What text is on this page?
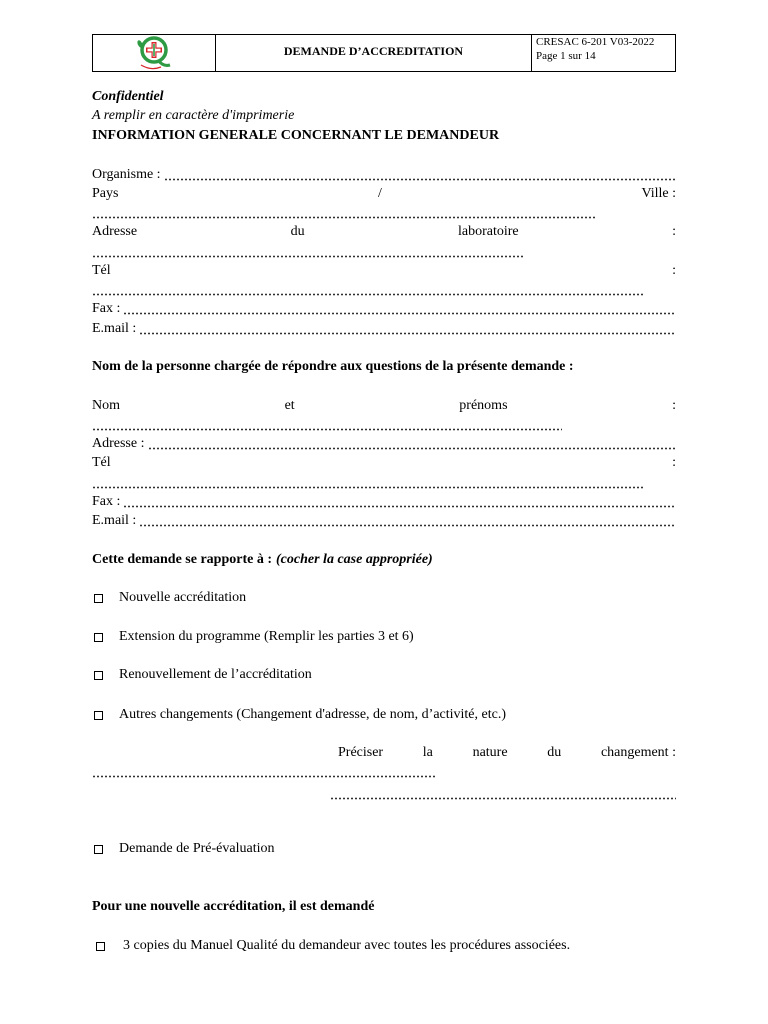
DEMANDE D’ACCREDITATION
CRESAC 6-201 V03-2022
Page 1 sur 14
Confidentiel
A remplir en caractère d'imprimerie
INFORMATION GENERALE CONCERNANT LE DEMANDEUR
Organisme :
Pays	/	Ville :
Adresse	du	laboratoire	:
Tél	:
Fax :
E.mail :
Nom de la personne chargée de répondre aux questions de la présente demande :
Nom	et	prénoms	:
Adresse :
Tél	:
Fax :
E.mail :
Cette demande se rapporte à : (cocher la case appropriée)
Nouvelle accréditation
Extension du programme (Remplir les parties 3 et 6)
Renouvellement de l’accréditation
Autres changements (Changement d'adresse, de nom, d’activité, etc.)
Préciser	la	nature	du	changement :
Demande de Pré-évaluation
Pour une nouvelle accréditation, il est demandé
3 copies du Manuel Qualité du demandeur avec toutes les procédures associées.
